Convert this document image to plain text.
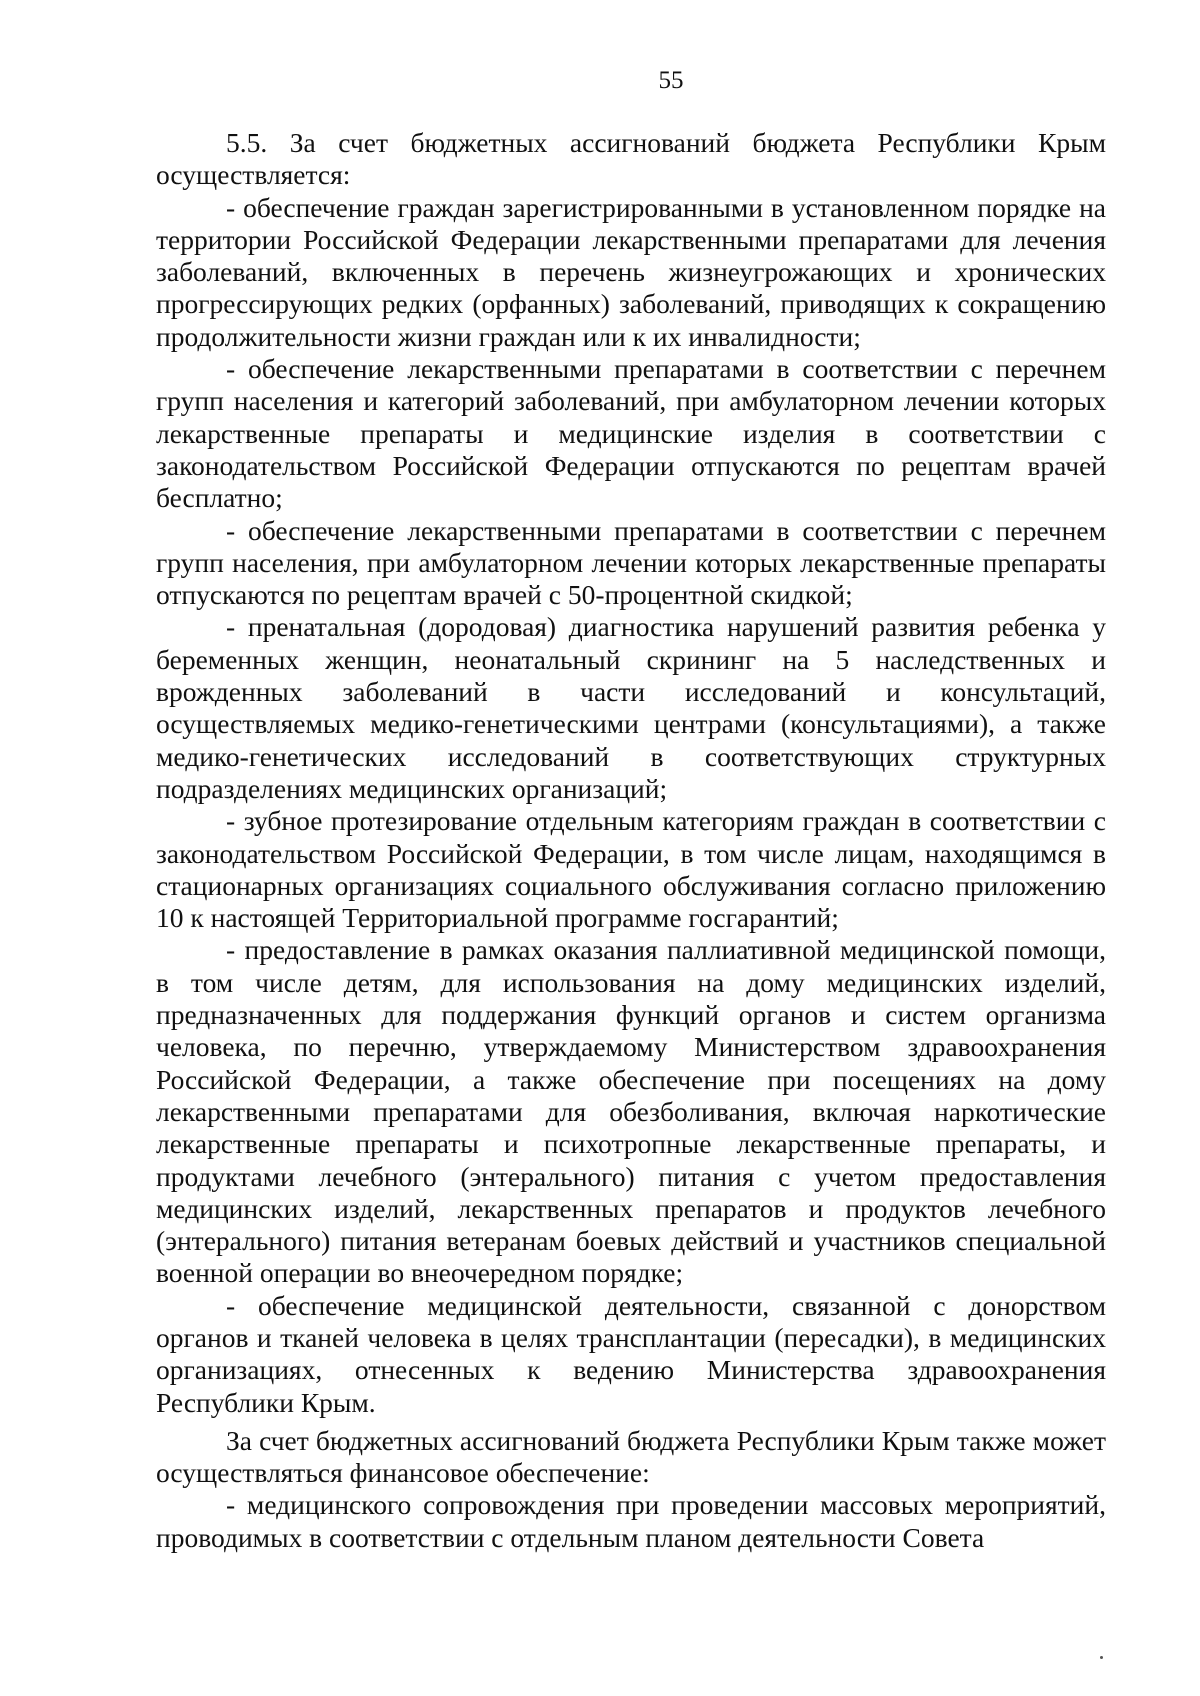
55

5.5. За счет бюджетных ассигнований бюджета Республики Крым осуществляется:

- обеспечение граждан зарегистрированными в установленном порядке на территории Российской Федерации лекарственными препаратами для лечения заболеваний, включенных в перечень жизнеугрожающих и хронических прогрессирующих редких (орфанных) заболеваний, приводящих к сокращению продолжительности жизни граждан или к их инвалидности;

- обеспечение лекарственными препаратами в соответствии с перечнем групп населения и категорий заболеваний, при амбулаторном лечении которых лекарственные препараты и медицинские изделия в соответствии с законодательством Российской Федерации отпускаются по рецептам врачей бесплатно;

- обеспечение лекарственными препаратами в соответствии с перечнем групп населения, при амбулаторном лечении которых лекарственные препараты отпускаются по рецептам врачей с 50-процентной скидкой;

- пренатальная (дородовая) диагностика нарушений развития ребенка у беременных женщин, неонатальный скрининг на 5 наследственных и врожденных заболеваний в части исследований и консультаций, осуществляемых медико-генетическими центрами (консультациями), а также медико-генетических исследований в соответствующих структурных подразделениях медицинских организаций;

- зубное протезирование отдельным категориям граждан в соответствии с законодательством Российской Федерации, в том числе лицам, находящимся в стационарных организациях социального обслуживания согласно приложению 10 к настоящей Территориальной программе госгарантий;

- предоставление в рамках оказания паллиативной медицинской помощи, в том числе детям, для использования на дому медицинских изделий, предназначенных для поддержания функций органов и систем организма человека, по перечню, утверждаемому Министерством здравоохранения Российской Федерации, а также обеспечение при посещениях на дому лекарственными препаратами для обезболивания, включая наркотические лекарственные препараты и психотропные лекарственные препараты, и продуктами лечебного (энтерального) питания с учетом предоставления медицинских изделий, лекарственных препаратов и продуктов лечебного (энтерального) питания ветеранам боевых действий и участников специальной военной операции во внеочередном порядке;

- обеспечение медицинской деятельности, связанной с донорством органов и тканей человека в целях трансплантации (пересадки), в медицинских организациях, отнесенных к ведению Министерства здравоохранения Республики Крым.

За счет бюджетных ассигнований бюджета Республики Крым также может осуществляться финансовое обеспечение:

- медицинского сопровождения при проведении массовых мероприятий, проводимых в соответствии с отдельным планом деятельности Совета
